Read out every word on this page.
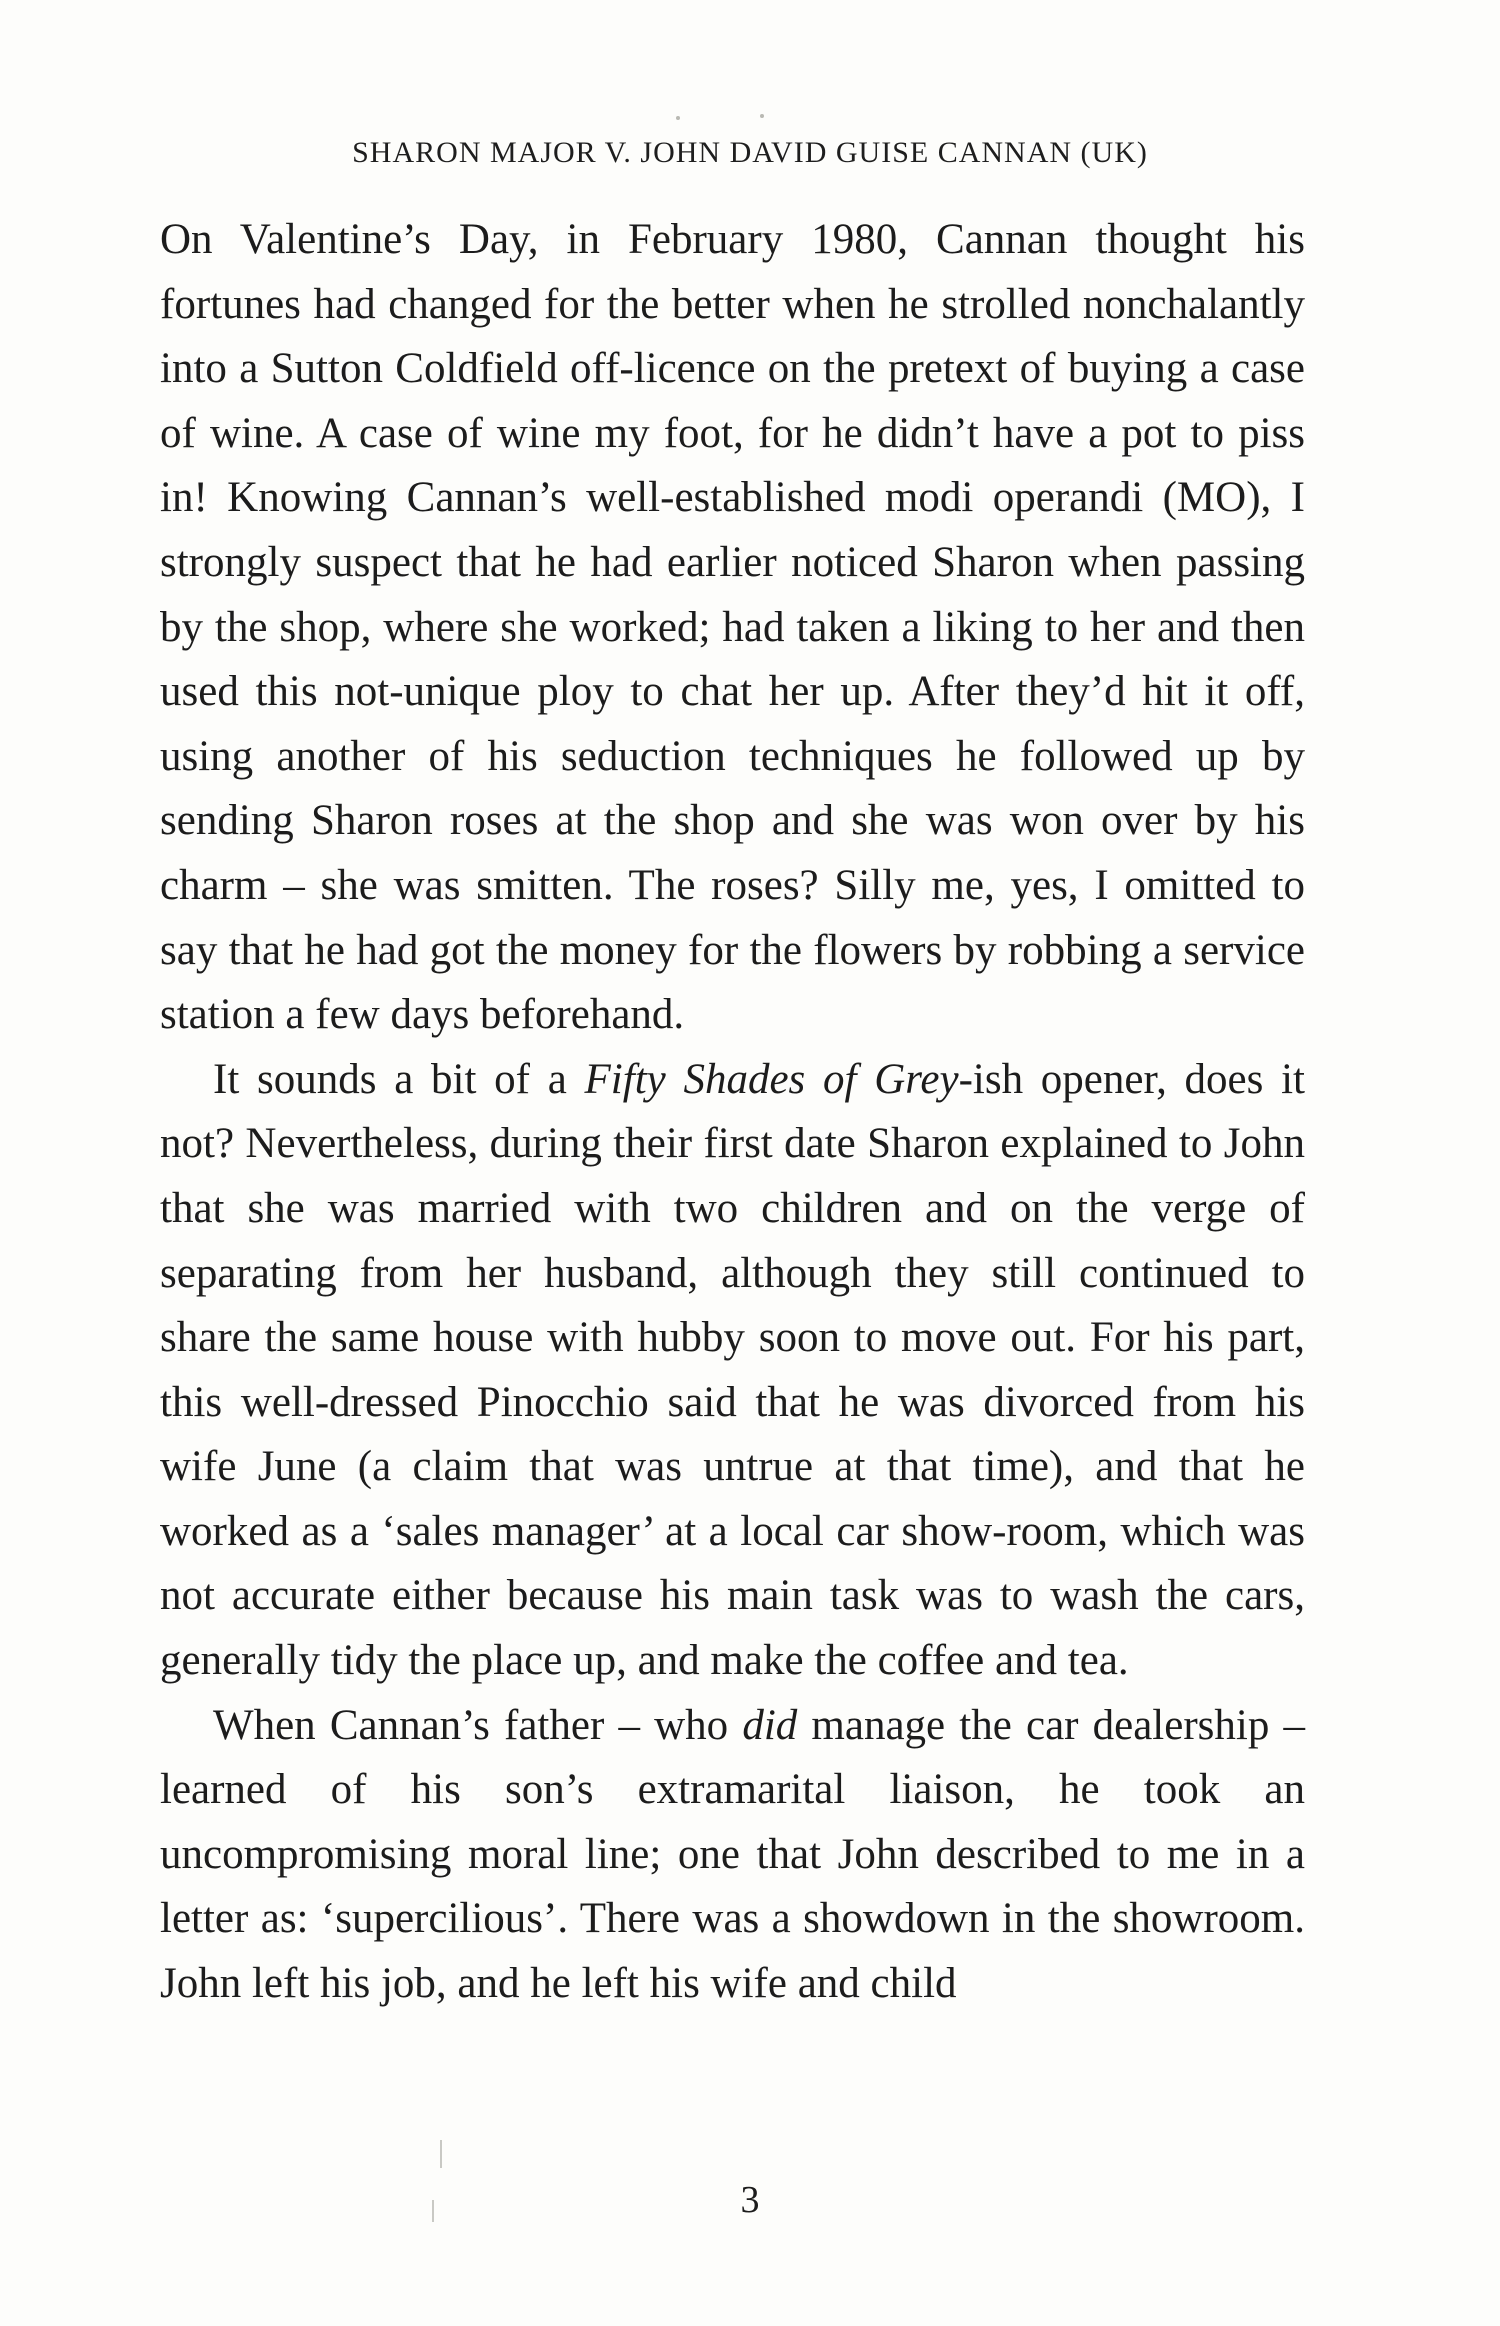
SHARON MAJOR V. JOHN DAVID GUISE CANNAN (UK)

On Valentine’s Day, in February 1980, Cannan thought his fortunes had changed for the better when he strolled nonchalantly into a Sutton Coldfield off-licence on the pretext of buying a case of wine. A case of wine my foot, for he didn’t have a pot to piss in! Knowing Cannan’s well-established modi operandi (MO), I strongly suspect that he had earlier noticed Sharon when passing by the shop, where she worked; had taken a liking to her and then used this not-unique ploy to chat her up. After they’d hit it off, using another of his seduction techniques he followed up by sending Sharon roses at the shop and she was won over by his charm – she was smitten. The roses? Silly me, yes, I omitted to say that he had got the money for the flowers by robbing a service station a few days beforehand.

It sounds a bit of a Fifty Shades of Grey-ish opener, does it not? Nevertheless, during their first date Sharon explained to John that she was married with two children and on the verge of separating from her husband, although they still continued to share the same house with hubby soon to move out. For his part, this well-dressed Pinocchio said that he was divorced from his wife June (a claim that was untrue at that time), and that he worked as a ‘sales manager’ at a local car show-room, which was not accurate either because his main task was to wash the cars, generally tidy the place up, and make the coffee and tea.

When Cannan’s father – who did manage the car dealership – learned of his son’s extramarital liaison, he took an uncompromising moral line; one that John described to me in a letter as: ‘supercilious’. There was a showdown in the showroom. John left his job, and he left his wife and child

3
